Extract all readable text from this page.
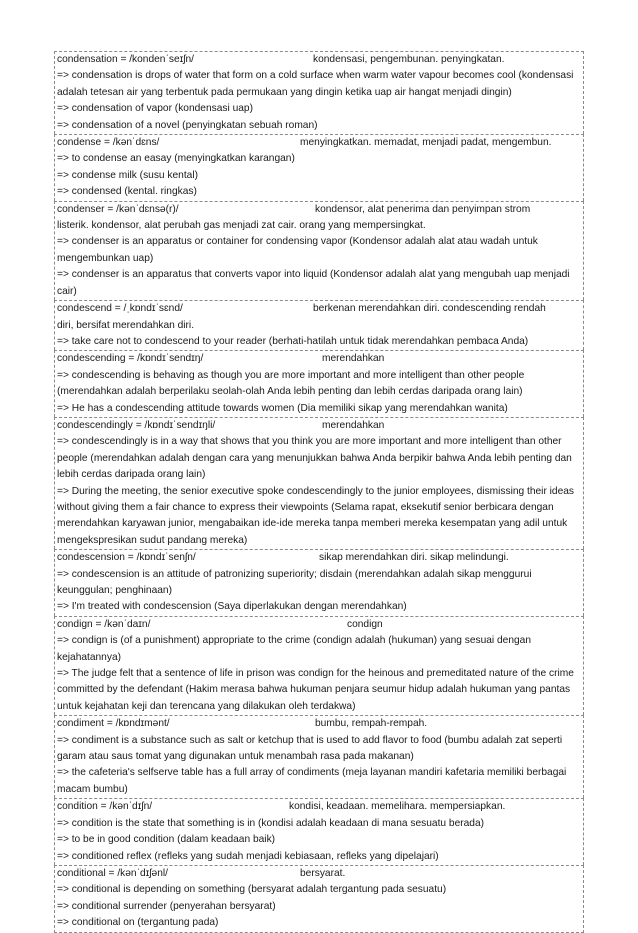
condensation = /kondenˈseɪʃn/	kondensasi, pengembunan. penyingkatan.
=> condensation is drops of water that form on a cold surface when warm water vapour becomes cool (kondensasi adalah tetesan air yang terbentuk pada permukaan yang dingin ketika uap air hangat menjadi dingin)
=> condensation of vapor (kondensasi uap)
=> condensation of a novel (penyingkatan sebuah roman)
condense = /kənˈdɛns/	menyingkatkan. memadat, menjadi padat, mengembun.
=> to condense an easay (menyingkatkan karangan)
=> condense milk (susu kental)
=> condensed (kental. ringkas)
condenser = /kənˈdɛnsə(r)/	kondensor, alat penerima dan penyimpan strom
listerik. kondensor, alat perubah gas menjadi zat cair. orang yang mempersingkat.
=> condenser is an apparatus or container for condensing vapor (Kondensor adalah alat atau wadah untuk mengembunkan uap)
=> condenser is an apparatus that converts vapor into liquid (Kondensor adalah alat yang mengubah uap menjadi cair)
condescend = /ˌkɒndɪˈsɛnd/	berkenan merendahkan diri. condescending rendah
diri, bersifat merendahkan diri.
=> take care not to condescend to your reader (berhati-hatilah untuk tidak merendahkan pembaca Anda)
condescending = /kɒndɪˈsendɪŋ/	merendahkan
=> condescending is behaving as though you are more important and more intelligent than other people (merendahkan adalah berperilaku seolah-olah Anda lebih penting dan lebih cerdas daripada orang lain)
=> He has a condescending attitude towards women (Dia memiliki sikap yang merendahkan wanita)
condescendingly = /kɒndɪˈsendɪŋli/	merendahkan
=> condescendingly is in a way that shows that you think you are more important and more intelligent than other people (merendahkan adalah dengan cara yang menunjukkan bahwa Anda berpikir bahwa Anda lebih penting dan lebih cerdas daripada orang lain)
=> During the meeting, the senior executive spoke condescendingly to the junior employees, dismissing their ideas without giving them a fair chance to express their viewpoints (Selama rapat, eksekutif senior berbicara dengan merendahkan karyawan junior, mengabaikan ide-ide mereka tanpa memberi mereka kesempatan yang adil untuk mengekspresikan sudut pandang mereka)
condescension = /kɒndɪˈsenʃn/	sikap merendahkan diri. sikap melindungi.
=> condescension is an attitude of patronizing superiority; disdain (merendahkan adalah sikap menggurui keunggulan; penghinaan)
=> I'm treated with condescension (Saya diperlakukan dengan merendahkan)
condign = /kənˈdaɪn/	condign
=> condign is (of a punishment) appropriate to the crime (condign adalah (hukuman) yang sesuai dengan kejahatannya)
=> The judge felt that a sentence of life in prison was condign for the heinous and premeditated nature of the crime committed by the defendant (Hakim merasa bahwa hukuman penjara seumur hidup adalah hukuman yang pantas untuk kejahatan keji dan terencana yang dilakukan oleh terdakwa)
condiment = /kɒndɪmənt/	bumbu, rempah-rempah.
=> condiment is a substance such as salt or ketchup that is used to add flavor to food (bumbu adalah zat seperti garam atau saus tomat yang digunakan untuk menambah rasa pada makanan)
=> the cafeteria's selfserve table has a full array of condiments (meja layanan mandiri kafetaria memiliki berbagai macam bumbu)
condition = /kənˈdɪʃn/	kondisi, keadaan. memelihara. mempersiapkan.
=> condition is the state that something is in (kondisi adalah keadaan di mana sesuatu berada)
=> to be in good condition (dalam keadaan baik)
=> conditioned reflex (refleks yang sudah menjadi kebiasaan, refleks yang dipelajari)
conditional = /kənˈdɪʃənl/	bersyarat.
=> conditional is depending on something (bersyarat adalah tergantung pada sesuatu)
=> conditional surrender (penyerahan bersyarat)
=> conditional on (tergantung pada)
